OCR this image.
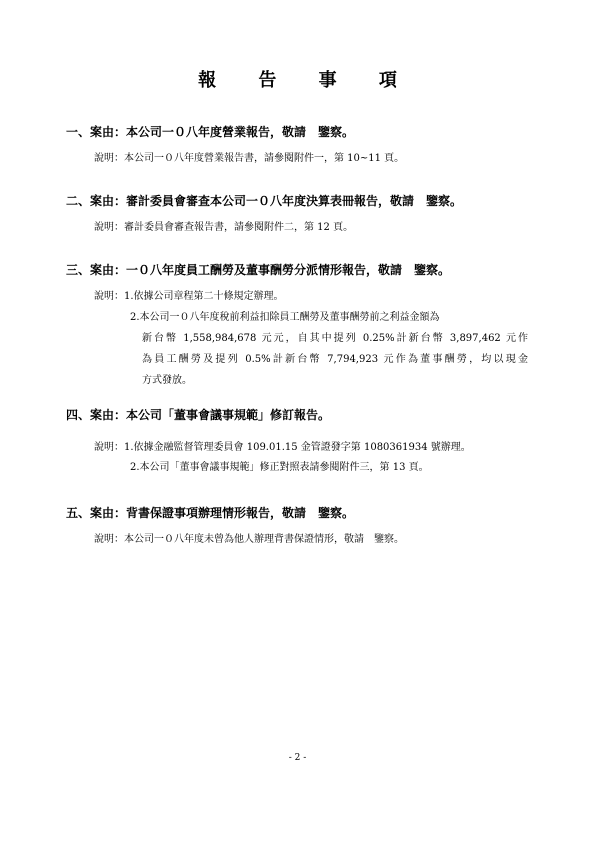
報 告 事 項
一、案由：本公司一０八年度營業報告，敬請　鑒察。
說明：本公司一０八年度營業報告書，請參閱附件一，第 10~11 頁。
二、案由：審計委員會審查本公司一０八年度決算表冊報告，敬請　鑒察。
說明：審計委員會審查報告書，請參閱附件二，第 12 頁。
三、案由：一０八年度員工酬勞及董事酬勞分派情形報告，敬請　鑒察。
說明：1.依據公司章程第二十條規定辦理。
2.本公司一０八年度稅前利益扣除員工酬勞及董事酬勞前之利益金額為
新台幣 1,558,984,678 元元，自其中提列 0.25%計新台幣 3,897,462 元作
為員工酬勞及提列 0.5%計新台幣 7,794,923 元作為董事酬勞，均以現金
方式發放。
四、案由：本公司「董事會議事規範」修訂報告。
說明：1.依據金融監督管理委員會 109.01.15 金管證發字第 1080361934 號辦理。
2.本公司「董事會議事規範」修正對照表請參閱附件三，第 13 頁。
五、案由：背書保證事項辦理情形報告，敬請　鑒察。
說明：本公司一０八年度未曾為他人辦理背書保證情形，敬請　鑒察。
- 2 -
